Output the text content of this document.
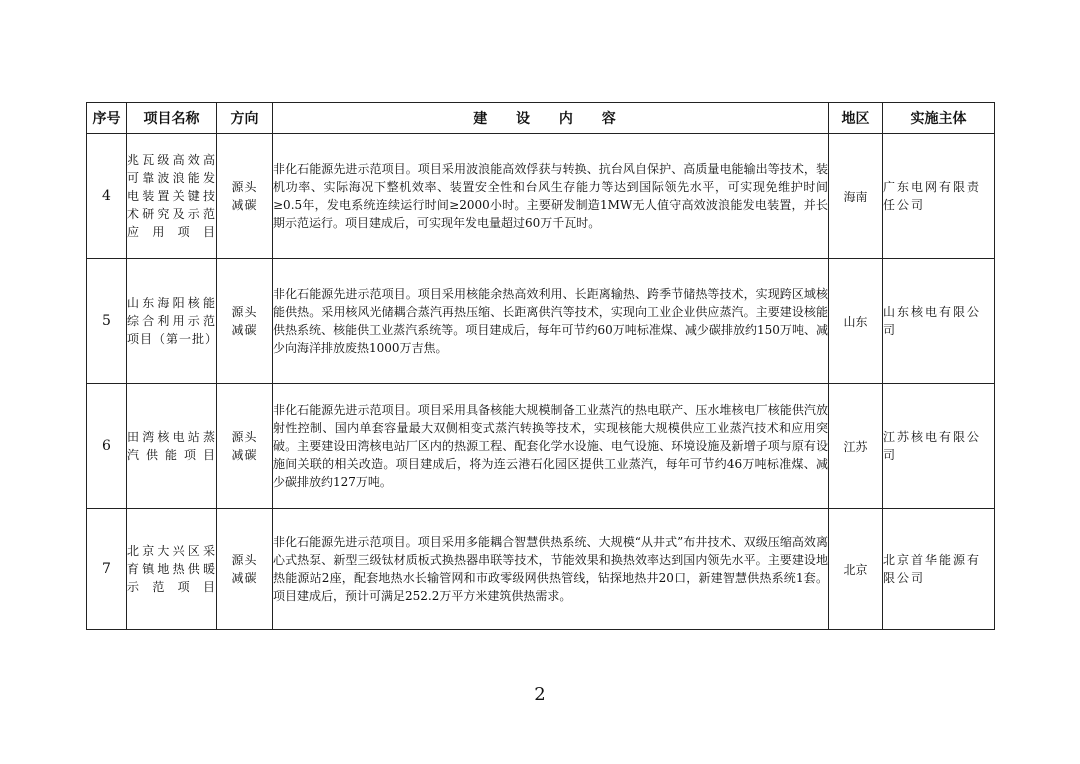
序号	项目名称	方向	建 设 内 容	地区	实施主体
4	兆瓦级高效高可靠波浪能发电装置关键技术研究及示范应用项目	源头减碳	非化石能源先进示范项目。项目采用波浪能高效俘获与转换、抗台风自保护、高质量电能输出等技术，装机功率、实际海况下整机效率、装置安全性和台风生存能力等达到国际领先水平，可实现免维护时间≥0.5年，发电系统连续运行时间≥2000小时。主要研发制造1MW无人值守高效波浪能发电装置，并长期示范运行。项目建成后，可实现年发电量超过60万千瓦时。	海南	广东电网有限责任公司
5	山东海阳核能综合利用示范项目（第一批）	源头减碳	非化石能源先进示范项目。项目采用核能余热高效利用、长距离输热、跨季节储热等技术，实现跨区域核能供热。采用核风光储耦合蒸汽再热压缩、长距离供汽等技术，实现向工业企业供应蒸汽。主要建设核能供热系统、核能供工业蒸汽系统等。项目建成后，每年可节约60万吨标准煤、减少碳排放约150万吨、减少向海洋排放废热1000万吉焦。	山东	山东核电有限公司
6	田湾核电站蒸汽供能项目	源头减碳	非化石能源先进示范项目。项目采用具备核能大规模制备工业蒸汽的热电联产、压水堆核电厂核能供汽放射性控制、国内单套容量最大双侧相变式蒸汽转换等技术，实现核能大规模供应工业蒸汽技术和应用突破。主要建设田湾核电站厂区内的热源工程、配套化学水设施、电气设施、环境设施及新增子项与原有设施间关联的相关改造。项目建成后，将为连云港石化园区提供工业蒸汽，每年可节约46万吨标准煤、减少碳排放约127万吨。	江苏	江苏核电有限公司
7	北京大兴区采育镇地热供暖示范项目	源头减碳	非化石能源先进示范项目。项目采用多能耦合智慧供热系统、大规模“从井式”布井技术、双级压缩高效离心式热泵、新型三级钛材质板式换热器串联等技术，节能效果和换热效率达到国内领先水平。主要建设地热能源站2座，配套地热水长输管网和市政零级网供热管线，钻探地热井20口，新建智慧供热系统1套。项目建成后，预计可满足252.2万平方米建筑供热需求。	北京	北京首华能源有限公司
2
